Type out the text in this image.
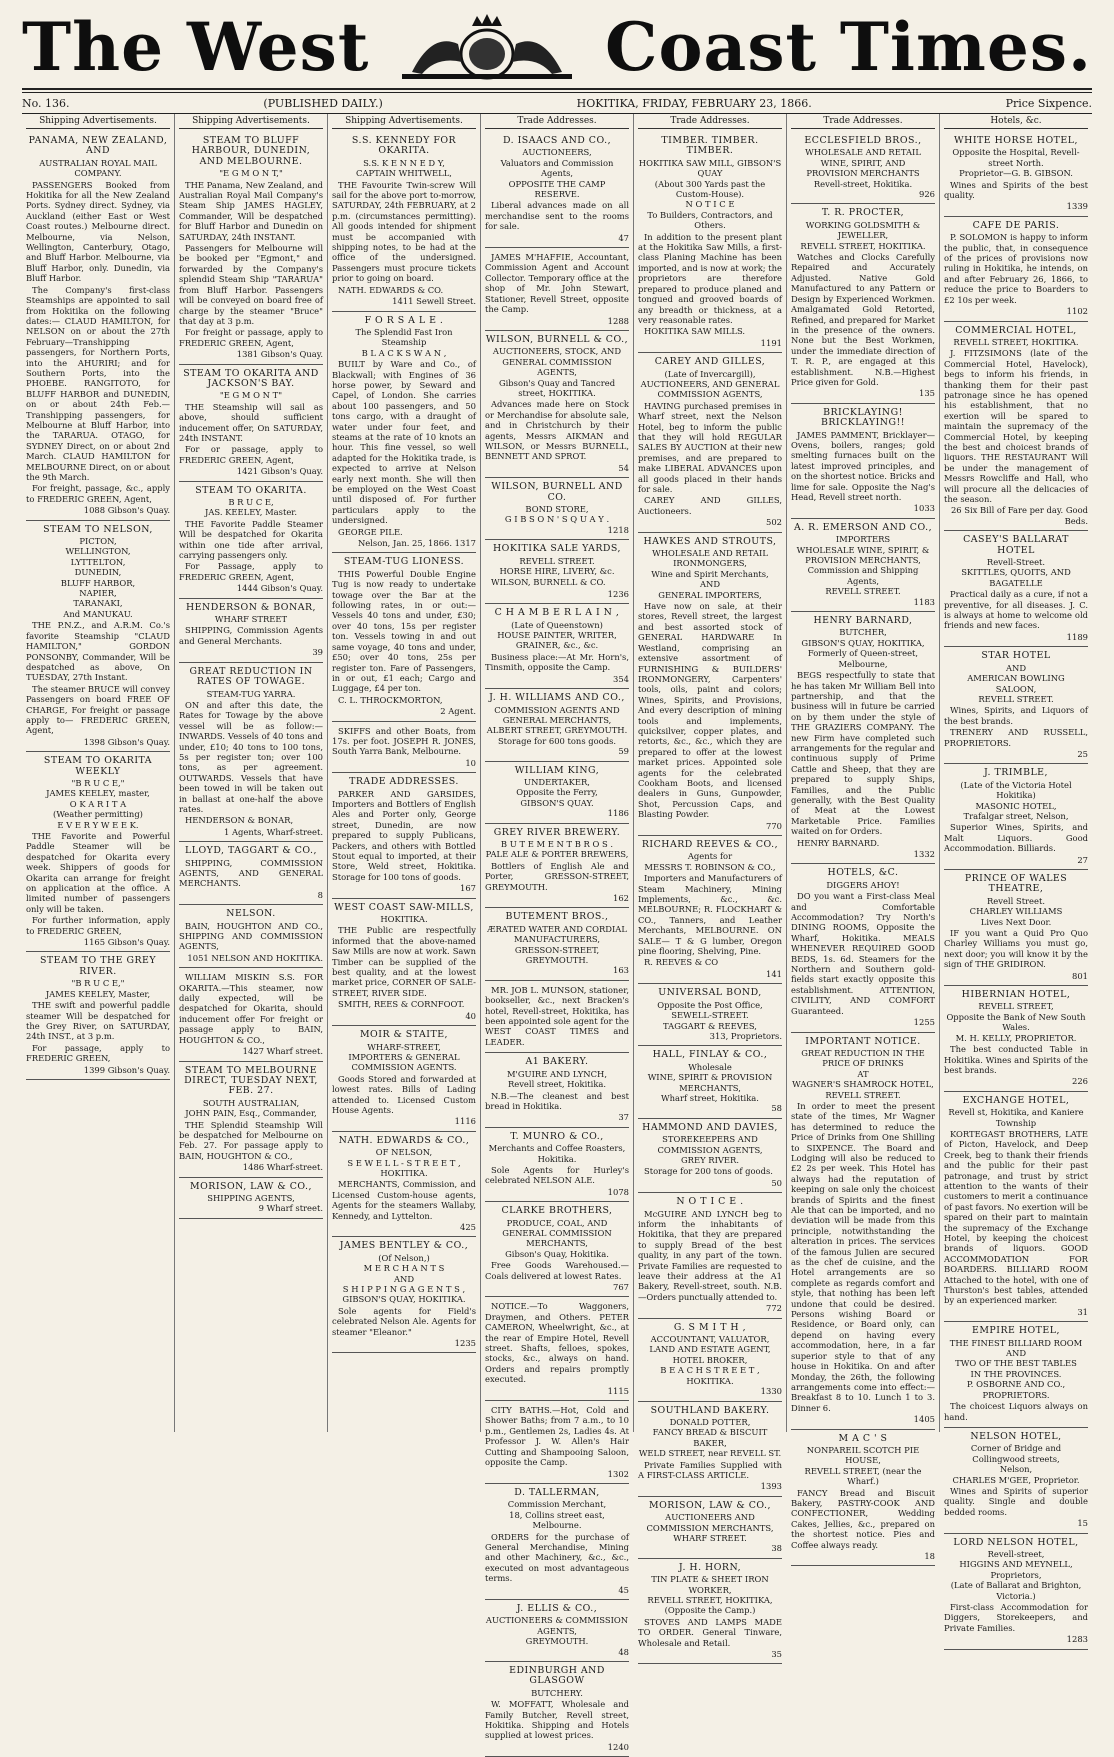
The West	Coast Times.
No. 136.	(PUBLISHED DAILY.)	HOKITIKA, FRIDAY, FEBRUARY 23, 1866.	Price Sixpence.
Shipping Advertisements.
PANAMA, NEW ZEALAND, AND
AUSTRALIAN ROYAL MAIL
COMPANY.

PASSENGERS Booked from Hokitika for all the New Zealand Ports. Sydney direct. Sydney, via Auckland (either East or West Coast routes.) Melbourne direct. Melbourne, via Nelson, Wellington, Canterbury, Otago, and Bluff Harbor. Melbourne, via Bluff Harbor, only. Dunedin, via Bluff Harbor.

The Company's first-class Steamships are appointed to sail from Hokitika on the following dates:— CLAUD HAMILTON, for NELSON on or about the 27th February—Transhipping passengers, for Northern Ports, into the AHURIRI; and for Southern Ports, into the PHOEBE. RANGITOTO, for BLUFF HARBOR and DUNEDIN, on or about 24th Feb.—Transhipping passengers, for Melbourne at Bluff Harbor, into the TARARUA. OTAGO, for SYDNEY Direct, on or about 2nd March. CLAUD HAMILTON for MELBOURNE Direct, on or about the 9th March.

For freight, passage, &c., apply to FREDERIC GREEN, Agent,

1088 Gibson's Quay.
STEAM TO NELSON,
PICTON,
WELLINGTON,
LYTTELTON,
DUNEDIN,
BLUFF HARBOR,
NAPIER,
TARANAKI,
And MANUKAU.

THE P.N.Z., and A.R.M. Co.'s favorite Steamship "CLAUD HAMILTON," GORDON PONSONBY, Commander, Will be despatched as above, On TUESDAY, 27th Instant.

The steamer BRUCE will convey Passengers on board FREE OF CHARGE, For freight or passage apply to— FREDERIC GREEN, Agent,

1398 Gibson's Quay.
STEAM TO OKARITA WEEKLY
"B R U C E,"
JAMES KEELEY, master,
O K A R I T A
(Weather permitting)
E V E R Y W E E K.

THE Favorite and Powerful Paddle Steamer will be despatched for Okarita every week. Shippers of goods for Okarita can arrange for freight on application at the office. A limited number of passengers only will be taken.

For further information, apply to FREDERIC GREEN,

1165 Gibson's Quay.
STEAM TO THE GREY RIVER.
"B R U C E,"
JAMES KEELEY, Master,

THE swift and powerful paddle steamer Will be despatched for the Grey River, on SATURDAY, 24th INST., at 3 p.m.

For passage, apply to FREDERIC GREEN,

1399 Gibson's Quay.
Shipping Advertisements.
STEAM TO BLUFF HARBOUR, DUNEDIN, AND MELBOURNE.
"E G M O N T,"

THE Panama, New Zealand, and Australian Royal Mail Company's Steam Ship JAMES HAGLEY, Commander, Will be despatched for Bluff Harbor and Dunedin on SATURDAY, 24th INSTANT.

Passengers for Melbourne will be booked per "Egmont," and forwarded by the Company's splendid Steam Ship "TARARUA" from Bluff Harbor. Passengers will be conveyed on board free of charge by the steamer "Bruce" that day at 3 p.m.

For freight or passage, apply to FREDERIC GREEN, Agent,

1381 Gibson's Quay.
STEAM TO OKARITA AND JACKSON'S BAY.
"E G M O N T"

THE Steamship will sail as above, should sufficient inducement offer, On SATURDAY, 24th INSTANT.

For or passage, apply to FREDERIC GREEN, Agent,

1421 Gibson's Quay.
STEAM TO OKARITA.
B R U C E,
JAS. KEELEY, Master.

THE Favorite Paddle Steamer Will be despatched for Okarita within one tide after arrival, carrying passengers only.

For Passage, apply to FREDERIC GREEN, Agent,

1444 Gibson's Quay.
HENDERSON & BONAR,
WHARF STREET

SHIPPING, Commission Agents and General Merchants.

39
GREAT REDUCTION IN RATES OF TOWAGE.
STEAM-TUG YARRA.

ON and after this date, the Rates for Towage by the above vessel will be as follow:— INWARDS. Vessels of 40 tons and under, £10; 40 tons to 100 tons, 5s per register ton; over 100 tons, as per agreement. OUTWARDS. Vessels that have been towed in will be taken out in ballast at one-half the above rates.

HENDERSON & BONAR,

1 Agents, Wharf-street.
LLOYD, TAGGART & CO.,

SHIPPING, COMMISSION AGENTS, AND GENERAL MERCHANTS.

8
NELSON.

BAIN, HOUGHTON AND CO., SHIPPING AND COMMISSION AGENTS,

1051 NELSON AND HOKITIKA.

WILLIAM MISKIN S.S. FOR OKARITA.—This steamer, now daily expected, will be despatched for Okarita, should inducement offer For freight or passage apply to BAIN, HOUGHTON & CO.,

1427 Wharf street.
STEAM TO MELBOURNE DIRECT, TUESDAY NEXT, FEB. 27.
SOUTH AUSTRALIAN,
JOHN PAIN, Esq., Commander,

THE Splendid Steamship Will be despatched for Melbourne on Feb. 27. For passage apply to BAIN, HOUGHTON & CO.,

1486 Wharf-street.
MORISON, LAW & CO.,
SHIPPING AGENTS,
9 Wharf street.
Shipping Advertisements.
S.S. KENNEDY FOR OKARITA.
S.S. K E N N E D Y,
CAPTAIN WHITWELL,

THE Favourite Twin-screw Will sail for the above port to-morrow, SATURDAY, 24th FEBRUARY, at 2 p.m. (circumstances permitting). All goods intended for shipment must be accompanied with shipping notes, to be had at the office of the undersigned. Passengers must procure tickets prior to going on board.

NATH. EDWARDS & CO.

1411 Sewell Street.
F O R S A L E .
The Splendid Fast Iron Steamship
B L A C K S W A N ,

BUILT by Ware and Co., of Blackwall; with Engines of 36 horse power, by Seward and Capel, of London. She carries about 100 passengers, and 50 tons cargo, with a draught of water under four feet, and steams at the rate of 10 knots an hour. This fine vessel, so well adapted for the Hokitika trade, is expected to arrive at Nelson early next month. She will then be employed on the West Coast until disposed of. For further particulars apply to the undersigned.

GEORGE PILE.

Nelson, Jan. 25, 1866. 1317
STEAM-TUG LIONESS.

THIS Powerful Double Engine Tug is now ready to undertake towage over the Bar at the following rates, in or out:— Vessels 40 tons and under, £30; over 40 tons, 15s per register ton. Vessels towing in and out same voyage, 40 tons and under, £50; over 40 tons, 25s per register ton. Fare of Passengers, in or out, £1 each; Cargo and Luggage, £4 per ton.

C. L. THROCKMORTON,

2 Agent.

SKIFFS and other Boats, from 17s. per foot. JOSEPH R. JONES, South Yarra Bank, Melbourne.

10
TRADE ADDRESSES.

PARKER AND GARSIDES, Importers and Bottlers of English Ales and Porter only, George street, Dunedin, are now prepared to supply Publicans, Packers, and others with Bottled Stout equal to imported, at their Store, Weld street, Hokitika. Storage for 100 tons of goods.

167
WEST COAST SAW-MILLS,
HOKITIKA.

THE Public are respectfully informed that the above-named Saw Mills are now at work. Sawn Timber can be supplied of the best quality, and at the lowest market price, CORNER OF SALE-STREET, RIVER SIDE.

SMITH, REES & CORNFOOT.

40
MOIR & STAITE,
WHARF-STREET,
IMPORTERS & GENERAL COMMISSION AGENTS.

Goods Stored and forwarded at lowest rates. Bills of Lading attended to. Licensed Custom House Agents.

1116
NATH. EDWARDS & CO.,
OF NELSON,
S E W E L L - S T R E E T ,
HOKITIKA.

MERCHANTS, Commission, and Licensed Custom-house agents, Agents for the steamers Wallaby, Kennedy, and Lyttelton.

425
JAMES BENTLEY & CO.,
(Of Nelson,)
M E R C H A N T S
AND
S H I P P I N G A G E N T S ,
GIBSON'S QUAY, HOKITIKA.

Sole agents for Field's celebrated Nelson Ale. Agents for steamer "Eleanor."

1235
Trade Addresses.
D. ISAACS AND CO.,
AUCTIONEERS,
Valuators and Commission Agents,
OPPOSITE THE CAMP RESERVE.

Liberal advances made on all merchandise sent to the rooms for sale.

47

JAMES M'HAFFIE, Accountant, Commission Agent and Account Collector. Temporary office at the shop of Mr. John Stewart, Stationer, Revell Street, opposite the Camp.

1288
WILSON, BURNELL & CO.,
AUCTIONEERS, STOCK, AND GENERAL COMMISSION AGENTS,
Gibson's Quay and Tancred street, HOKITIKA.

Advances made here on Stock or Merchandise for absolute sale, and in Christchurch by their agents, Messrs AIKMAN and WILSON, or Messrs BURNELL, BENNETT AND SPROT.

54
WILSON, BURNELL AND CO.
BOND STORE,
G I B S O N ' S Q U A Y .
1218
HOKITIKA SALE YARDS,
REVELL STREET.
HORSE HIRE, LIVERY, &c.

WILSON, BURNELL & CO.

1236
C H A M B E R L A I N ,
(Late of Queenstown)
HOUSE PAINTER, WRITER, GRAINER, &c., &c.

Business place:—At Mr. Horn's, Tinsmith, opposite the Camp.

354
J. H. WILLIAMS AND CO.,
COMMISSION AGENTS AND GENERAL MERCHANTS,
ALBERT STREET, GREYMOUTH.
Storage for 600 tons goods.
59
WILLIAM KING,
UNDERTAKER,
Opposite the Ferry,
GIBSON'S QUAY.
1186
GREY RIVER BREWERY.
B U T E M E N T B R O S .
PALE ALE & PORTER BREWERS,

Bottlers of English Ale and Porter, GRESSON-STREET, GREYMOUTH.

162
BUTEMENT BROS.,
ÆRATED WATER AND CORDIAL MANUFACTURERS,
GRESSON-STREET, GREYMOUTH.
163

MR. JOB L. MUNSON, stationer, bookseller, &c., next Bracken's hotel, Revell-street, Hokitika, has been appointed sole agent for the WEST COAST TIMES and LEADER.

A1 BAKERY.
M'GUIRE AND LYNCH,
Revell street, Hokitika.

N.B.—The cleanest and best bread in Hokitika.

37
T. MUNRO & CO.,
Merchants and Coffee Roasters,
Hokitika.

Sole Agents for Hurley's celebrated NELSON ALE.

1078
CLARKE BROTHERS,
PRODUCE, COAL, AND GENERAL COMMISSION MERCHANTS,
Gibson's Quay, Hokitika.

Free Goods Warehoused.—Coals delivered at lowest Rates.

767

NOTICE.—To Waggoners, Draymen, and Others. PETER CAMERON, Wheelwright, &c., at the rear of Empire Hotel, Revell street. Shafts, felloes, spokes, stocks, &c., always on hand. Orders and repairs promptly executed.

1115

CITY BATHS.—Hot, Cold and Shower Baths; from 7 a.m., to 10 p.m., Gentlemen 2s, Ladies 4s. At Professor J. W. Allen's Hair Cutting and Shampooing Saloon, opposite the Camp.

1302
D. TALLERMAN,
Commission Merchant,
18, Collins street east, Melbourne.

ORDERS for the purchase of General Merchandise, Mining and other Machinery, &c., &c., executed on most advantageous terms.

45
J. ELLIS & CO.,
AUCTIONEERS & COMMISSION AGENTS,
GREYMOUTH.
48
EDINBURGH AND GLASGOW
BUTCHERY.

W. MOFFATT, Wholesale and Family Butcher, Revell street, Hokitika. Shipping and Hotels supplied at lowest prices.

1240
Trade Addresses.
TIMBER. TIMBER. TIMBER.
HOKITIKA SAW MILL, GIBSON'S QUAY
(About 300 Yards past the Custom-House).
N O T I C E
To Builders, Contractors, and Others.

In addition to the present plant at the Hokitika Saw Mills, a first-class Planing Machine has been imported, and is now at work; the proprietors are therefore prepared to produce planed and tongued and grooved boards of any breadth or thickness, at a very reasonable rates.

HOKITIKA SAW MILLS.

1191
CAREY AND GILLES,
(Late of Invercargill),
AUCTIONEERS, AND GENERAL COMMISSION AGENTS,

HAVING purchased premises in Wharf street, next the Nelson Hotel, beg to inform the public that they will hold REGULAR SALES BY AUCTION at their new premises, and are prepared to make LIBERAL ADVANCES upon all goods placed in their hands for sale.

CAREY AND GILLES, Auctioneers.

502
HAWKES AND STROUTS,
WHOLESALE AND RETAIL IRONMONGERS,
Wine and Spirit Merchants,
AND
GENERAL IMPORTERS,

Have now on sale, at their stores, Revell street, the largest and best assorted stock of GENERAL HARDWARE In Westland, comprising an extensive assortment of FURNISHING & BUILDERS' IRONMONGERY, Carpenters' tools, oils, paint and colors; Wines, Spirits, and Provisions, And every description of mining tools and implements, quicksilver, copper plates, and retorts, &c., &c., which they are prepared to offer at the lowest market prices. Appointed sole agents for the celebrated Cookham Boots, and licensed dealers in Guns, Gunpowder, Shot, Percussion Caps, and Blasting Powder.

770
RICHARD REEVES & CO.,
Agents for
MESSRS T. ROBINSON & CO.,

Importers and Manufacturers of Steam Machinery, Mining Implements, &c., &c. MELBOURNE; R. FLOCKHART & CO., Tanners, and Leather Merchants, MELBOURNE. ON SALE— T & G lumber, Oregon pine flooring, Shelving, Pine.

R. REEVES & CO

141
UNIVERSAL BOND,
Opposite the Post Office,
SEWELL-STREET.
TAGGART & REEVES,
313, Proprietors.
HALL, FINLAY & CO.,
Wholesale
WINE, SPIRIT & PROVISION MERCHANTS,
Wharf street, Hokitika.
58
HAMMOND AND DAVIES,
STOREKEEPERS AND COMMISSION AGENTS,
GREY RIVER.

Storage for 200 tons of goods.

50
N O T I C E .

McGUIRE AND LYNCH beg to inform the inhabitants of Hokitika, that they are prepared to supply Bread of the best quality, in any part of the town. Private Families are requested to leave their address at the A1 Bakery, Revell-street, south. N.B.—Orders punctually attended to.

772
G. S M I T H ,
ACCOUNTANT, VALUATOR, LAND AND ESTATE AGENT, HOTEL BROKER,
B E A C H S T R E E T ,
HOKITIKA.
1330
SOUTHLAND BAKERY.
DONALD POTTER,
FANCY BREAD & BISCUIT BAKER,
WELD STREET, near REVELL ST.

Private Families Supplied with A FIRST-CLASS ARTICLE.

1393
MORISON, LAW & CO.,
AUCTIONEERS AND COMMISSION MERCHANTS,
WHARF STREET.
38
J. H. HORN,
TIN PLATE & SHEET IRON WORKER,
REVELL STREET, HOKITIKA,
(Opposite the Camp.)

STOVES AND LAMPS MADE TO ORDER. General Tinware, Wholesale and Retail.

35
Trade Addresses.
ECCLESFIELD BROS.,
WHOLESALE AND RETAIL
WINE, SPIRIT, AND
PROVISION MERCHANTS
Revell-street, Hokitika.
926
T. R. PROCTER,
WORKING GOLDSMITH & JEWELLER,
REVELL STREET, HOKITIKA.

Watches and Clocks Carefully Repaired and Accurately Adjusted. Native Gold Manufactured to any Pattern or Design by Experienced Workmen. Amalgamated Gold Retorted, Refined, and prepared for Market in the presence of the owners. None but the Best Workmen, under the immediate direction of T. R. P., are engaged at this establishment. N.B.—Highest Price given for Gold.

135
BRICKLAYING! BRICKLAYING!!

JAMES PAMMENT, Bricklayer—Ovens, boilers, ranges; gold smelting furnaces built on the latest improved principles, and on the shortest notice. Bricks and lime for sale. Opposite the Nag's Head, Revell street north.

1033
A. R. EMERSON AND CO.,
IMPORTERS
WHOLESALE WINE, SPIRIT, & PROVISION MERCHANTS,
Commission and Shipping Agents,
REVELL STREET.
1183
HENRY BARNARD,
BUTCHER,
GIBSON'S QUAY, HOKITIKA,
Formerly of Queen-street, Melbourne,

BEGS respectfully to state that he has taken Mr William Bell into partnership, and that the business will in future be carried on by them under the style of THE GRAZIERS COMPANY. The new Firm have completed such arrangements for the regular and continuous supply of Prime Cattle and Sheep, that they are prepared to supply Ships, Families, and the Public generally, with the Best Quality of Meat at the Lowest Marketable Price. Families waited on for Orders.

HENRY BARNARD.

1332
HOTELS, &C.
DIGGERS AHOY!

DO you want a First-class Meal and Comfortable Accommodation? Try North's DINING ROOMS, Opposite the Wharf, Hokitika. MEALS WHENEVER REQUIRED GOOD BEDS, 1s. 6d. Steamers for the Northern and Southern gold-fields start exactly opposite this establishment. ATTENTION, CIVILITY, AND COMFORT Guaranteed.

1255
IMPORTANT NOTICE.
GREAT REDUCTION IN THE
PRICE OF DRINKS
AT
WAGNER'S SHAMROCK HOTEL,
REVELL STREET.

In order to meet the present state of the times, Mr Wagner has determined to reduce the Price of Drinks from One Shilling to SIXPENCE. The Board and Lodging will also be reduced to £2 2s per week. This Hotel has always had the reputation of keeping on sale only the choicest brands of Spirits and the finest Ale that can be imported, and no deviation will be made from this principle, notwithstanding the alteration in prices. The services of the famous Julien are secured as the chef de cuisine, and the Hotel arrangements are so complete as regards comfort and style, that nothing has been left undone that could be desired. Persons wishing Board or Residence, or Board only, can depend on having every accommodation, here, in a far superior style to that of any house in Hokitika. On and after Monday, the 26th, the following arrangements come into effect:— Breakfast 8 to 10. Lunch 1 to 3. Dinner 6.

1405
M A C ' S
NONPAREIL SCOTCH PIE HOUSE,
REVELL STREET, (near the Wharf.)

FANCY Bread and Biscuit Bakery, PASTRY-COOK AND CONFECTIONER, Wedding Cakes, Jellies, &c., prepared on the shortest notice. Pies and Coffee always ready.

18
Hotels, &c.
WHITE HORSE HOTEL,
Opposite the Hospital, Revell-street North.
Proprietor—G. B. GIBSON.

Wines and Spirits of the best quality.

1339
CAFE DE PARIS.

P. SOLOMON is happy to inform the public, that, in consequence of the prices of provisions now ruling in Hokitika, he intends, on and after February 26, 1866, to reduce the price to Boarders to £2 10s per week.

1102
COMMERCIAL HOTEL,
REVELL STREET, HOKITIKA.

J. FITZSIMONS (late of the Commercial Hotel, Havelock), begs to inform his friends, in thanking them for their past patronage since he has opened his establishment, that no exertion will be spared to maintain the supremacy of the Commercial Hotel, by keeping the best and choicest brands of liquors. THE RESTAURANT Will be under the management of Messrs Rowcliffe and Hall, who will procure all the delicacies of the season.

26 Six Bill of Fare per day. Good Beds.
CASEY'S BALLARAT HOTEL
Revell-Street.
SKITTLES, QUOITS, AND
BAGATELLE

Practical daily as a cure, if not a preventive, for all diseases. J. C. is always at home to welcome old friends and new faces.

1189
STAR HOTEL
AND
AMERICAN BOWLING
SALOON,
REVELL STREET.

Wines, Spirits, and Liquors of the best brands.

TRENERY AND RUSSELL, PROPRIETORS.

25
J. TRIMBLE,
(Late of the Victoria Hotel Hokitika)
MASONIC HOTEL,
Trafalgar street, Nelson,

Superior Wines, Spirits, and Malt Liquors. Good Accommodation. Billiards.

27
PRINCE OF WALES THEATRE,
Revell Street.
CHARLEY WILLIAMS
Lives Next Door.

IF you want a Quid Pro Quo Charley Williams you must go, next door; you will know it by the sign of THE GRIDIRON.

801
HIBERNIAN HOTEL,
REVELL STREET,
Opposite the Bank of New South Wales.
M. H. KELLY, PROPRIETOR.

The best conducted Table in Hokitika. Wines and Spirits of the best brands.

226
EXCHANGE HOTEL,
Revell st, Hokitika, and Kaniere Township

KORTEGAST BROTHERS, LATE of Picton, Havelock, and Deep Creek, beg to thank their friends and the public for their past patronage, and trust by strict attention to the wants of their customers to merit a continuance of past favors. No exertion will be spared on their part to maintain the supremacy of the Exchange Hotel, by keeping the choicest brands of liquors. GOOD ACCOMMODATION FOR BOARDERS. BILLIARD ROOM Attached to the hotel, with one of Thurston's best tables, attended by an experienced marker.

31
EMPIRE HOTEL,
THE FINEST BILLIARD ROOM
AND
TWO OF THE BEST TABLES
IN THE PROVINCES.
P. OSBORNE AND CO., PROPRIETORS.

The choicest Liquors always on hand.

NELSON HOTEL,
Corner of Bridge and Collingwood streets,
Nelson,
CHARLES M'GEE, Proprietor.

Wines and Spirits of superior quality. Single and double bedded rooms.

15
LORD NELSON HOTEL,
Revell-street,
HIGGINS AND MEYNELL,
Proprietors,
(Late of Ballarat and Brighton, Victoria.)

First-class Accommodation for Diggers, Storekeepers, and Private Families.

1283
